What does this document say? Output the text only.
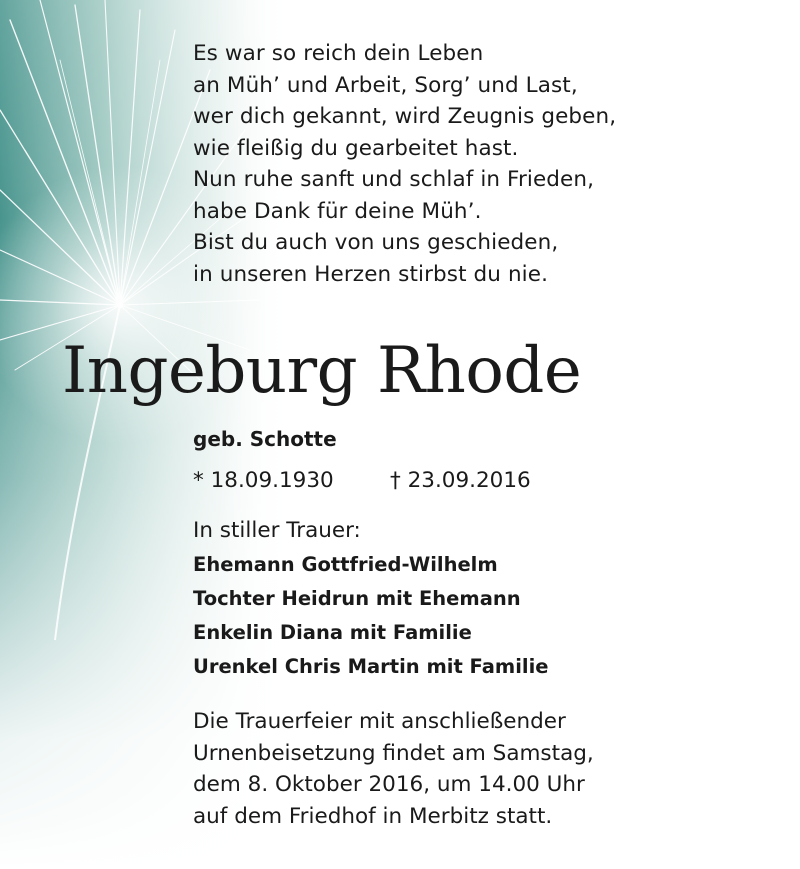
Es war so reich dein Leben
an Müh’ und Arbeit, Sorg’ und Last,
wer dich gekannt, wird Zeugnis geben,
wie fleißig du gearbeitet hast.
Nun ruhe sanft und schlaf in Frieden,
habe Dank für deine Müh’.
Bist du auch von uns geschieden,
in unseren Herzen stirbst du nie.
Ingeburg Rhode
geb. Schotte
* 18.09.1930	† 23.09.2016
In stiller Trauer:
Ehemann Gottfried-Wilhelm
Tochter Heidrun mit Ehemann
Enkelin Diana mit Familie
Urenkel Chris Martin mit Familie
Die Trauerfeier mit anschließender
Urnenbeisetzung findet am Samstag,
dem 8. Oktober 2016, um 14.00 Uhr
auf dem Friedhof in Merbitz statt.
